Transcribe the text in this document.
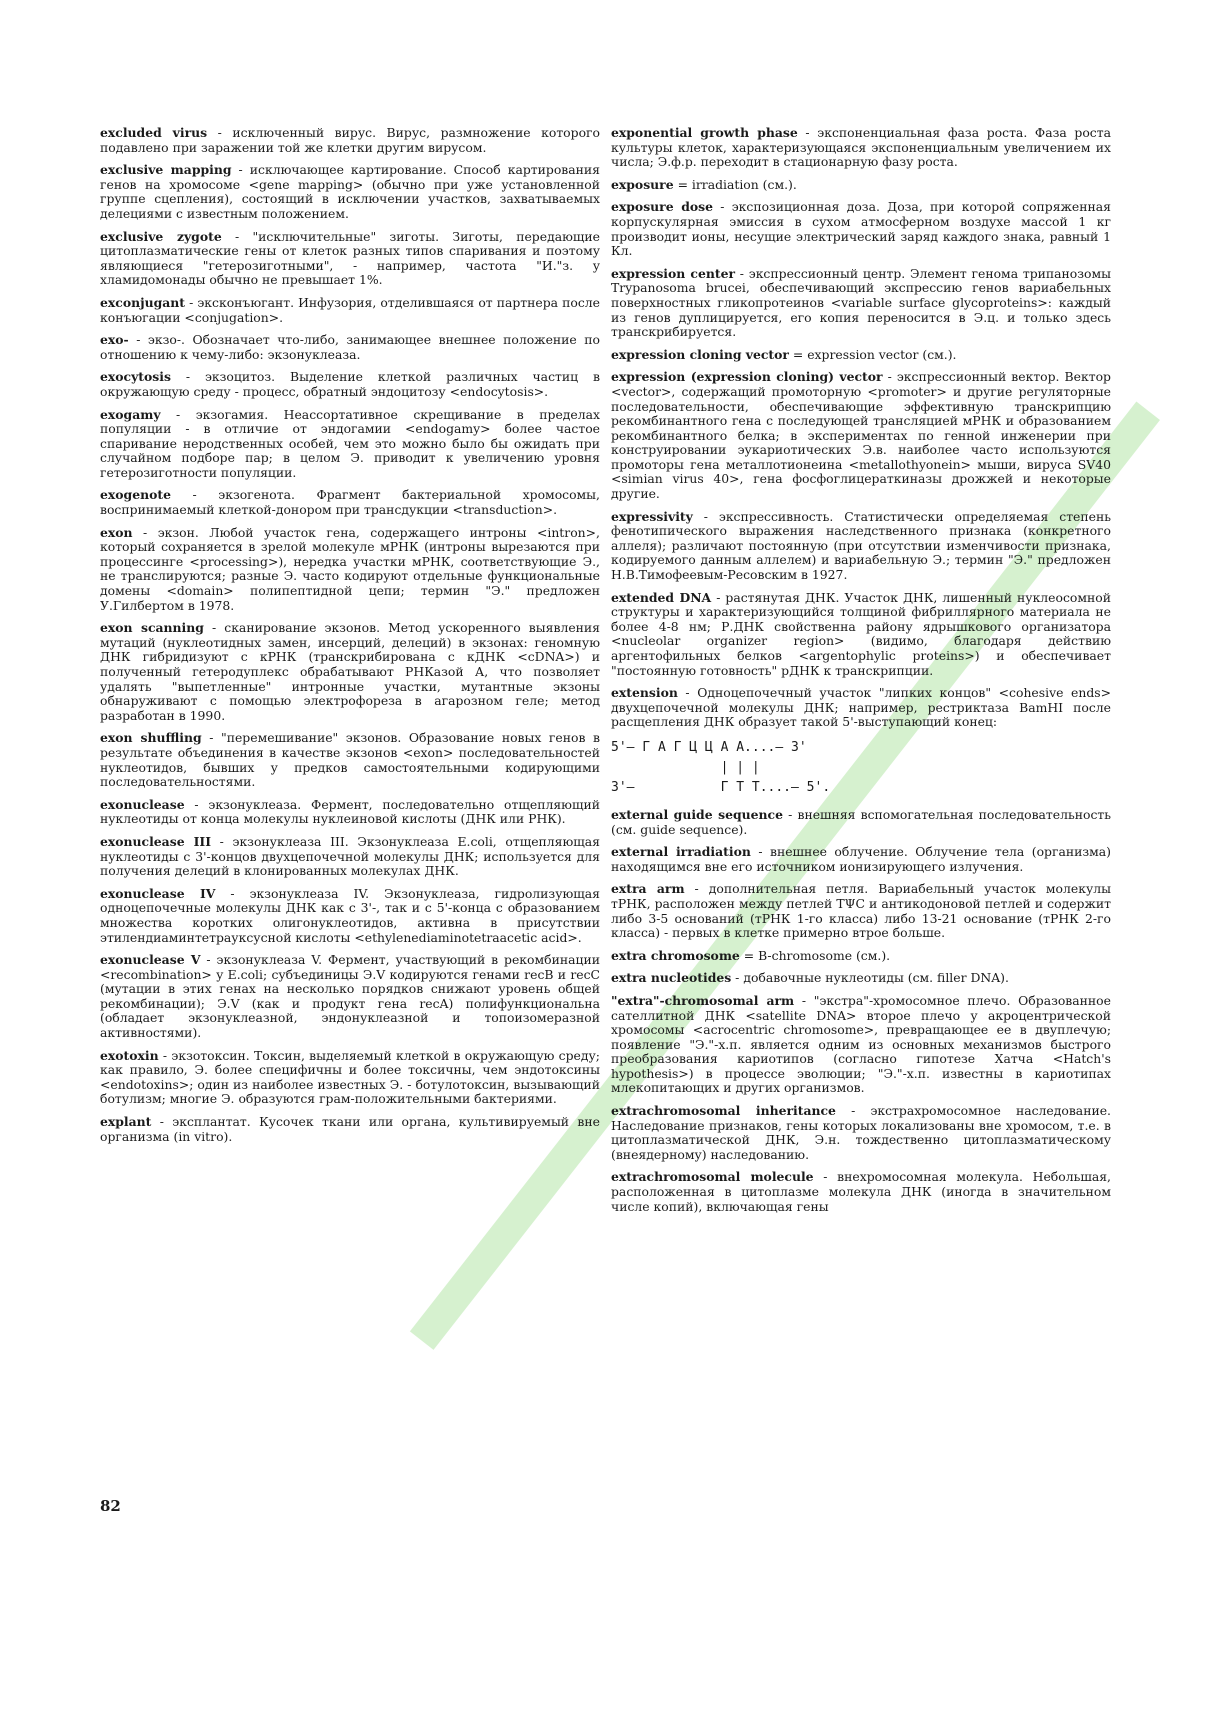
excluded virus - исключенный вирус. Вирус, размножение которого подавлено при заражении той же клетки другим вирусом.

exclusive mapping - исключающее картирование. Способ картирования генов на хромосоме <gene mapping> (обычно при уже установленной группе сцепления), состоящий в исключении участков, захватываемых делециями с известным положением.

exclusive zygote - "исключительные" зиготы. Зиготы, передающие цитоплазматические гены от клеток разных типов спаривания и поэтому являющиеся "гетерозиготными", - например, частота "И."з. у хламидомонады обычно не превышает 1%.

exconjugant - эксконъюгант. Инфузория, отделившаяся от партнера после конъюгации <conjugation>.

exo- - экзо-. Обозначает что-либо, занимающее внешнее положение по отношению к чему-либо: экзонуклеаза.

exocytosis - экзоцитоз. Выделение клеткой различных частиц в окружающую среду - процесс, обратный эндоцитозу <endocytosis>.

exogamy - экзогамия. Неассортативное скрещивание в пределах популяции - в отличие от эндогамии <endogamy> более частое спаривание неродственных особей, чем это можно было бы ожидать при случайном подборе пар; в целом Э. приводит к увеличению уровня гетерозиготности популяции.

exogenote - экзогенота. Фрагмент бактериальной хромосомы, воспринимаемый клеткой-донором при трансдукции <transduction>.

exon - экзон. Любой участок гена, содержащего интроны <intron>, который сохраняется в зрелой молекуле мРНК (интроны вырезаются при процессинге <processing>), нередка участки мРНК, соответствующие Э., не транслируются; разные Э. часто кодируют отдельные функциональные домены <domain> полипептидной цепи; термин "Э." предложен У.Гилбертом в 1978.

exon scanning - сканирование экзонов. Метод ускоренного выявления мутаций (нуклеотидных замен, инсерций, делеций) в экзонах: геномную ДНК гибридизуют с кРНК (транскрибирована с кДНК <cDNA>) и полученный гетеродуплекс обрабатывают РНКазой А, что позволяет удалять "выпетленные" интронные участки, мутантные экзоны обнаруживают с помощью электрофореза в агарозном геле; метод разработан в 1990.

exon shuffling - "перемешивание" экзонов. Образование новых генов в результате объединения в качестве экзонов <exon> последовательностей нуклеотидов, бывших у предков самостоятельными кодирующими последовательностями.

exonuclease - экзонуклеаза. Фермент, последовательно отщепляющий нуклеотиды от конца молекулы нуклеиновой кислоты (ДНК или РНК).

exonuclease III - экзонуклеаза III. Экзонуклеаза E.coli, отщепляющая нуклеотиды с 3'-концов двухцепочечной молекулы ДНК; используется для получения делеций в клонированных молекулах ДНК.

exonuclease IV - экзонуклеаза IV. Экзонуклеаза, гидролизующая одноцепочечные молекулы ДНК как с 3'-, так и с 5'-конца с образованием множества коротких олигонуклеотидов, активна в присутствии этилендиаминтетрауксусной кислоты <ethylenediaminotetraacetic acid>.

exonuclease V - экзонуклеаза V. Фермент, участвующий в рекомбинации <recombination> у E.coli; субъединицы Э.V кодируются генами recB и recC (мутации в этих генах на несколько порядков снижают уровень общей рекомбинации); Э.V (как и продукт гена recA) полифункциональна (обладает экзонуклеазной, эндонуклеазной и топоизомеразной активностями).

exotoxin - экзотоксин. Токсин, выделяемый клеткой в окружающую среду; как правило, Э. более специфичны и более токсичны, чем эндотоксины <endotoxins>; один из наиболее известных Э. - ботулотоксин, вызывающий ботулизм; многие Э. образуются грам-положительными бактериями.

explant - эксплантат. Кусочек ткани или органа, культивируемый вне организма (in vitro).

exponential growth phase - экспоненциальная фаза роста. Фаза роста культуры клеток, характеризующаяся экспоненциальным увеличением их числа; Э.ф.р. переходит в стационарную фазу роста.

exposure = irradiation (см.).

exposure dose - экспозиционная доза. Доза, при которой сопряженная корпускулярная эмиссия в сухом атмосферном воздухе массой 1 кг производит ионы, несущие электрический заряд каждого знака, равный 1 Кл.

expression center - экспрессионный центр. Элемент генома трипанозомы Trypanosoma brucei, обеспечивающий экспрессию генов вариабельных поверхностных гликопротеинов <variable surface glycoproteins>: каждый из генов дуплицируется, его копия переносится в Э.ц. и только здесь транскрибируется.

expression cloning vector = expression vector (см.).

expression (expression cloning) vector - экспрессионный вектор. Вектор <vector>, содержащий промоторную <promoter> и другие регуляторные последовательности, обеспечивающие эффективную транскрипцию рекомбинантного гена с последующей трансляцией мРНК и образованием рекомбинантного белка; в экспериментах по генной инженерии при конструировании эукариотических Э.в. наиболее часто используются промоторы гена металлотионеина <metallothyonein> мыши, вируса SV40 <simian virus 40>, гена фосфоглицераткиназы дрожжей и некоторые другие.

expressivity - экспрессивность. Статистически определяемая степень фенотипического выражения наследственного признака (конкретного аллеля); различают постоянную (при отсутствии изменчивости признака, кодируемого данным аллелем) и вариабельную Э.; термин "Э." предложен Н.В.Тимофеевым-Ресовским в 1927.

extended DNA - растянутая ДНК. Участок ДНК, лишенный нуклеосомной структуры и характеризующийся толщиной фибриллярного материала не более 4-8 нм; Р.ДНК свойственна району ядрышкового организатора <nucleolar organizer region> (видимо, благодаря действию аргентофильных белков <argentophylic proteins>) и обеспечивает "постоянную готовность" рДНК к транскрипции.

extension - Одноцепочечный участок "липких концов" <cohesive ends> двухцепочечной молекулы ДНК; например, рестриктаза BamHI после расщепления ДНК образует такой 5'-выступающий конец:

5'— Г А Г Ц Ц А А....— 3'
| | |
3'—           Г Т Т....— 5'.

external guide sequence - внешняя вспомогательная последовательность (см. guide sequence).

external irradiation - внешнее облучение. Облучение тела (организма) находящимся вне его источником ионизирующего излучения.

extra arm - дополнительная петля. Вариабельный участок молекулы тРНК, расположен между петлей ТΨС и антикодоновой петлей и содержит либо 3-5 оснований (тРНК 1-го класса) либо 13-21 основание (тРНК 2-го класса) - первых в клетке примерно втрое больше.

extra chromosome = B-chromosome (см.).

extra nucleotides - добавочные нуклеотиды (см. filler DNA).

"extra"-chromosomal arm - "экстра"-хромосомное плечо. Образованное сателлитной ДНК <satellite DNA> второе плечо у акроцентрической хромосомы <acrocentric chromosome>, превращающее ее в двуплечую; появление "Э."-х.п. является одним из основных механизмов быстрого преобразования кариотипов (согласно гипотезе Хатча <Hatch's hypothesis>) в процессе эволюции; "Э."-х.п. известны в кариотипах млекопитающих и других организмов.

extrachromosomal inheritance - экстрахромосомное наследование. Наследование признаков, гены которых локализованы вне хромосом, т.е. в цитоплазматической ДНК, Э.н. тождественно цитоплазматическому (внеядерному) наследованию.

extrachromosomal molecule - внехромосомная молекула. Небольшая, расположенная в цитоплазме молекула ДНК (иногда в значительном числе копий), включающая гены

82
